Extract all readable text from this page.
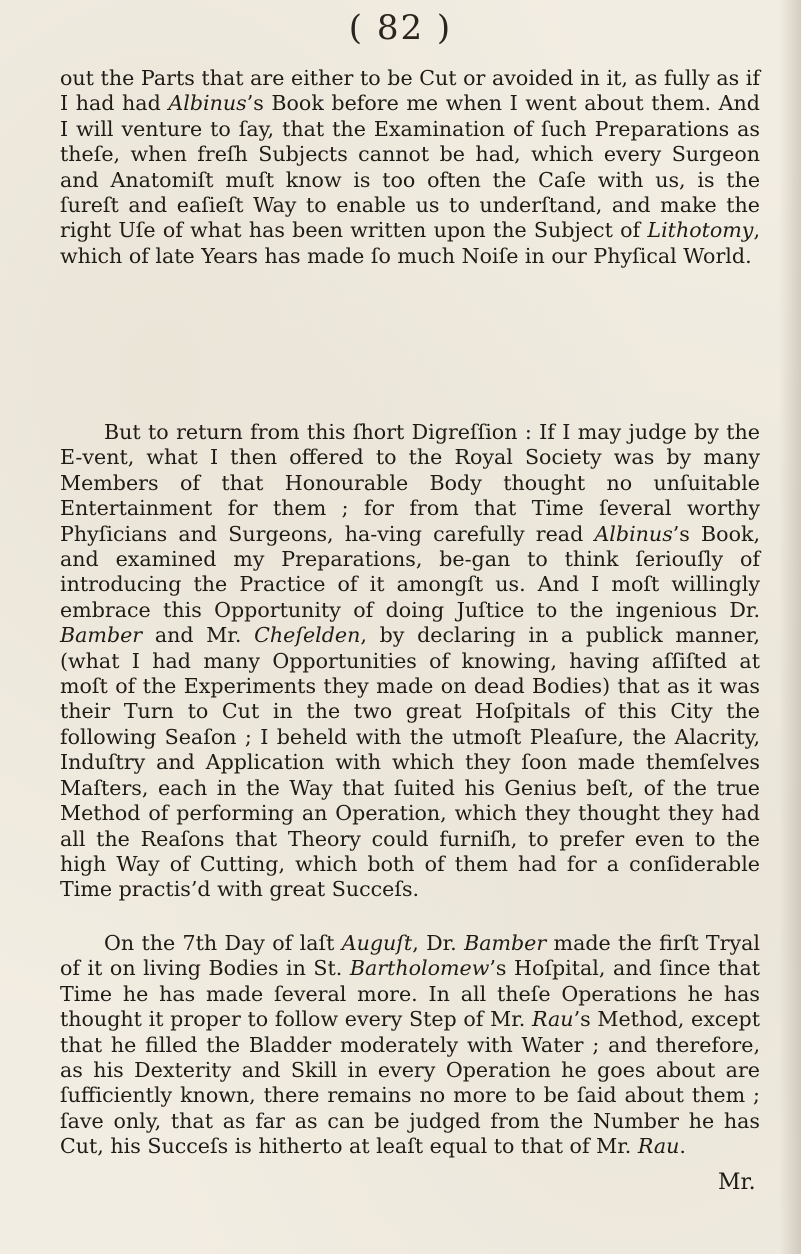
( 82 )
out the Parts that are either to be Cut or avoided in it, as fully as if I had had Albinus’s Book before me when I went about them. And I will venture to ſay, that the Examination of ſuch Preparations as theſe, when freſh Subjects cannot be had, which every Surgeon and Anatomiſt muſt know is too often the Caſe with us, is the ſureſt and eaſieſt Way to enable us to underſtand, and make the right Uſe of what has been written upon the Subject of Lithotomy, which of late Years has made ſo much Noiſe in our Phyſical World.
But to return from this ſhort Digreſſion : If I may judge by the E-vent, what I then offered to the Royal Society was by many Members of that Honourable Body thought no unſuitable Entertainment for them ; for from that Time ſeveral worthy Phyſicians and Surgeons, ha-ving carefully read Albinus’s Book, and examined my Preparations, be-gan to think ſeriouſly of introducing the Practice of it amongſt us. And I moſt willingly embrace this Opportunity of doing Juſtice to the ingenious Dr. Bamber and Mr. Cheſelden, by declaring in a publick manner, (what I had many Opportunities of knowing, having aſſiſted at moſt of the Experiments they made on dead Bodies) that as it was their Turn to Cut in the two great Hoſpitals of this City the following Seaſon ; I beheld with the utmoſt Pleaſure, the Alacrity, Induſtry and Application with which they ſoon made themſelves Maſters, each in the Way that ſuited his Genius beſt, of the true Method of performing an Operation, which they thought they had all the Reaſons that Theory could furniſh, to prefer even to the high Way of Cutting, which both of them had for a conſiderable Time practis’d with great Succeſs.
On the 7th Day of laſt Auguſt, Dr. Bamber made the firſt Tryal of it on living Bodies in St. Bartholomew’s Hoſpital, and ſince that Time he has made ſeveral more. In all theſe Operations he has thought it proper to follow every Step of Mr. Rau’s Method, except that he filled the Bladder moderately with Water ; and therefore, as his Dexterity and Skill in every Operation he goes about are ſufficiently known, there remains no more to be ſaid about them ; ſave only, that as far as can be judged from the Number he has Cut, his Succeſs is hitherto at leaſt equal to that of Mr. Rau.
Mr.
